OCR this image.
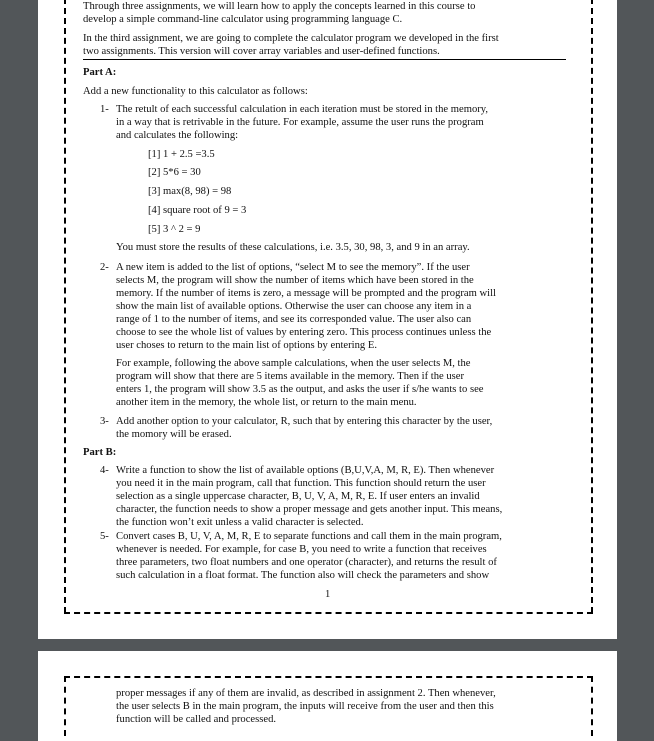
Through three assignments, we will learn how to apply the concepts learned in this course to
develop a simple command-line calculator using programming language C.
In the third assignment, we are going to complete the calculator program we developed in the first
two assignments. This version will cover array variables and user-defined functions.
Part A:
Add a new functionality to this calculator as follows:
1- The retult of each successful calculation in each iteration must be stored in the memory,
in a way that is retrivable in the future. For example, assume the user runs the program
and calculates the following:
[1] 1 + 2.5 =3.5
[2] 5*6 = 30
[3] max(8, 98) = 98
[4] square root of 9 = 3
[5] 3 ^ 2 = 9
You must store the results of these calculations, i.e. 3.5, 30, 98, 3, and 9 in an array.
2- A new item is added to the list of options, “select M to see the memory”. If the user
selects M, the program will show the number of items which have been stored in the
memory. If the number of items is zero, a message will be prompted and the program will
show the main list of available options. Otherwise the user can choose any item in a
range of 1 to the number of items, and see its corresponded value. The user also can
choose to see the whole list of values by entering zero. This process continues unless the
user choses to return to the main list of options by entering E.
For example, following the above sample calculations, when the user selects M, the
program will show that there are 5 items available in the memory. Then if the user
enters 1, the program will show 3.5 as the output, and asks the user if s/he wants to see
another item in the memory, the whole list, or return to the main menu.
3- Add another option to your calculator, R, such that by entering this character by the user,
the momory will be erased.
Part B:
4- Write a function to show the list of available options (B,U,V,A, M, R, E). Then whenever
you need it in the main program, call that function. This function should return the user
selection as a single uppercase character, B, U, V, A, M, R, E. If user enters an invalid
character, the function needs to show a proper message and gets another input. This means,
the function won’t exit unless a valid character is selected.
5- Convert cases B, U, V, A, M, R, E to separate functions and call them in the main program,
whenever is needed. For example, for case B, you need to write a function that receives
three parameters, two float numbers and one operator (character), and returns the result of
such calculation in a float format. The function also will check the parameters and show
1
proper messages if any of them are invalid, as described in assignment 2. Then whenever,
the user selects B in the main program, the inputs will receive from the user and then this
function will be called and processed.
